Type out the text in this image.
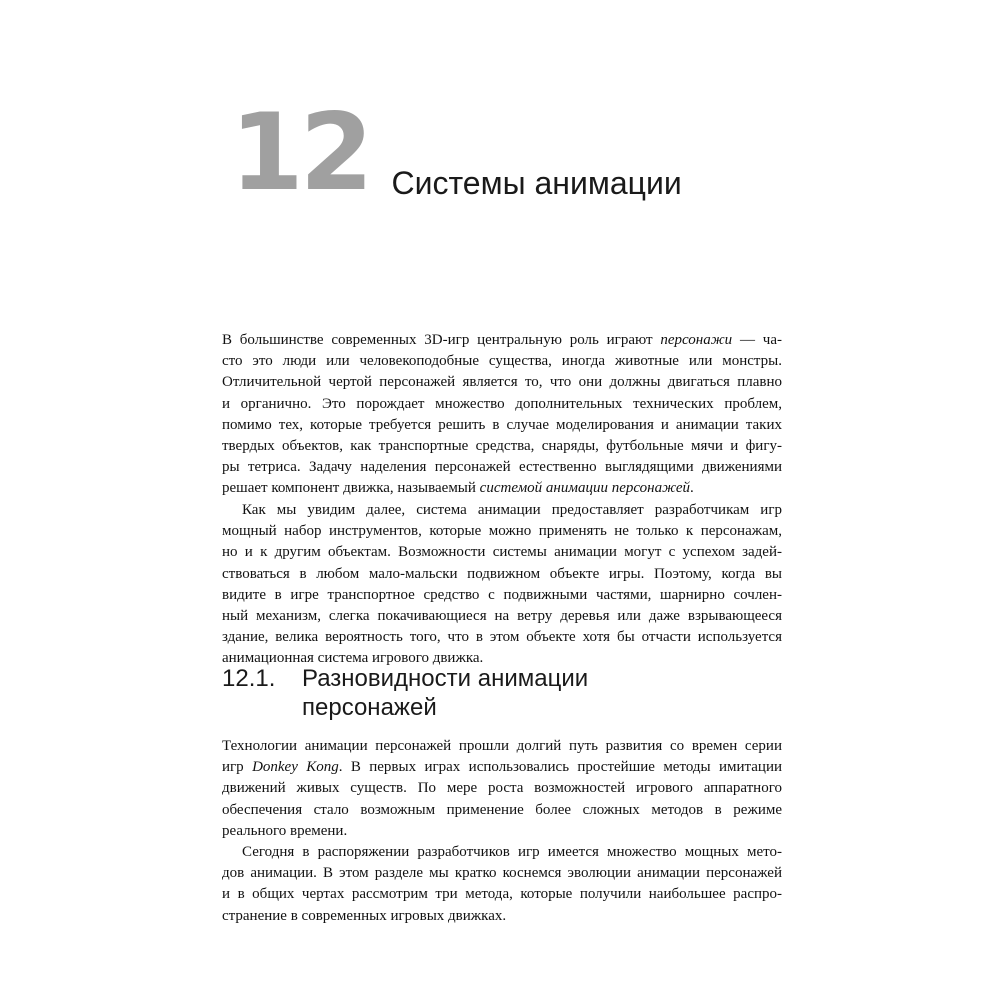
12 Системы анимации
В большинстве современных 3D-игр центральную роль играют персонажи — ча-
сто это люди или человекоподобные существа, иногда животные или монстры.
Отличительной чертой персонажей является то, что они должны двигаться плавно
и органично. Это порождает множество дополнительных технических проблем,
помимо тех, которые требуется решить в случае моделирования и анимации таких
твердых объектов, как транспортные средства, снаряды, футбольные мячи и фигу-
ры тетриса. Задачу наделения персонажей естественно выглядящими движениями
решает компонент движка, называемый системой анимации персонажей.
Как мы увидим далее, система анимации предоставляет разработчикам игр
мощный набор инструментов, которые можно применять не только к персонажам,
но и к другим объектам. Возможности системы анимации могут с успехом задей-
ствоваться в любом мало-мальски подвижном объекте игры. Поэтому, когда вы
видите в игре транспортное средство с подвижными частями, шарнирно сочлен-
ный механизм, слегка покачивающиеся на ветру деревья или даже взрывающееся
здание, велика вероятность того, что в этом объекте хотя бы отчасти используется
анимационная система игрового движка.
12.1.	Разновидности анимации
персонажей
Технологии анимации персонажей прошли долгий путь развития со времен серии
игр Donkey Kong. В первых играх использовались простейшие методы имитации
движений живых существ. По мере роста возможностей игрового аппаратного
обеспечения стало возможным применение более сложных методов в режиме
реального времени.
Сегодня в распоряжении разработчиков игр имеется множество мощных мето-
дов анимации. В этом разделе мы кратко коснемся эволюции анимации персонажей
и в общих чертах рассмотрим три метода, которые получили наибольшее распро-
странение в современных игровых движках.
